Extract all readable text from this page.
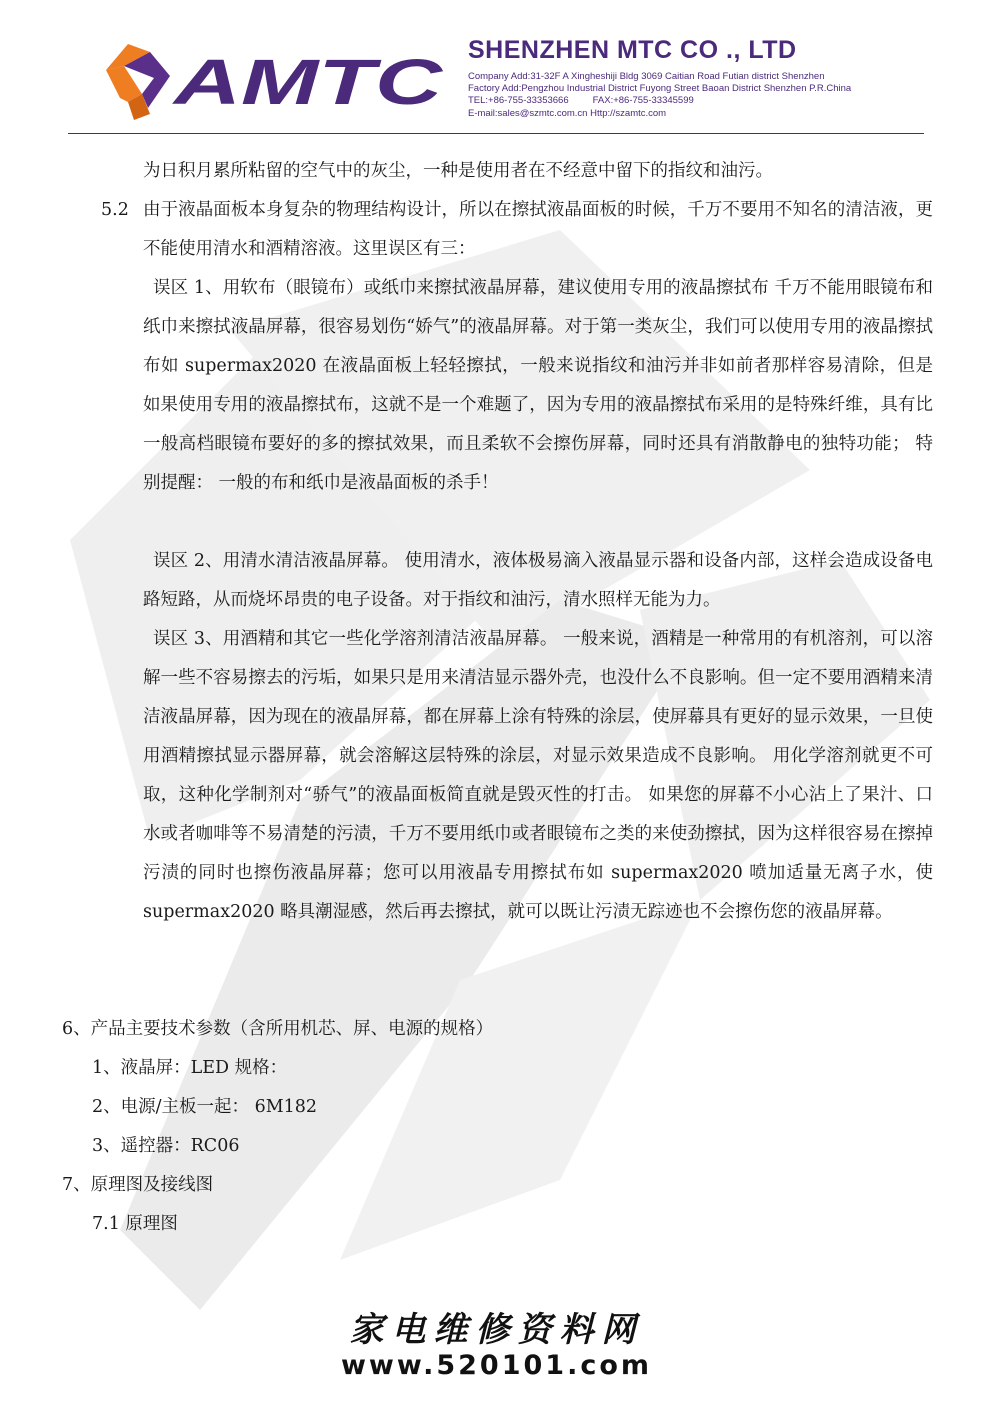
AMTC SHENZHEN MTC CO ., LTD
Company Add:31-32F A Xingheshiji Bldg 3069 Caitian Road Futian district Shenzhen
Factory Add:Pengzhou Industrial District Fuyong Street Baoan District Shenzhen P.R.China
TEL:+86-755-33353666	FAX:+86-755-33345599
E-mail:sales@szmtc.com.cn Http://szamtc.com

为日积月累所粘留的空气中的灰尘，一种是使用者在不经意中留下的指纹和油污。

5.2 由于液晶面板本身复杂的物理结构设计，所以在擦拭液晶面板的时候，千万不要用不知名的清洁液，更不能使用清水和酒精溶液。这里误区有三：

误区 1、用软布（眼镜布）或纸巾来擦拭液晶屏幕，建议使用专用的液晶擦拭布 千万不能用眼镜布和纸巾来擦拭液晶屏幕，很容易划伤“娇气”的液晶屏幕。对于第一类灰尘，我们可以使用专用的液晶擦拭布如 supermax2020 在液晶面板上轻轻擦拭，一般来说指纹和油污并非如前者那样容易清除，但是如果使用专用的液晶擦拭布，这就不是一个难题了，因为专用的液晶擦拭布采用的是特殊纤维，具有比一般高档眼镜布要好的多的擦拭效果，而且柔软不会擦伤屏幕，同时还具有消散静电的独特功能； 特别提醒： 一般的布和纸巾是液晶面板的杀手！

误区 2、用清水清洁液晶屏幕。 使用清水，液体极易滴入液晶显示器和设备内部，这样会造成设备电路短路，从而烧坏昂贵的电子设备。对于指纹和油污，清水照样无能为力。

误区 3、用酒精和其它一些化学溶剂清洁液晶屏幕。 一般来说，酒精是一种常用的有机溶剂，可以溶解一些不容易擦去的污垢，如果只是用来清洁显示器外壳，也没什么不良影响。但一定不要用酒精来清洁液晶屏幕，因为现在的液晶屏幕，都在屏幕上涂有特殊的涂层，使屏幕具有更好的显示效果，一旦使用酒精擦拭显示器屏幕，就会溶解这层特殊的涂层，对显示效果造成不良影响。 用化学溶剂就更不可取，这种化学制剂对“骄气”的液晶面板简直就是毁灭性的打击。 如果您的屏幕不小心沾上了果汁、口水或者咖啡等不易清楚的污渍，千万不要用纸巾或者眼镜布之类的来使劲擦拭，因为这样很容易在擦掉污渍的同时也擦伤液晶屏幕；您可以用液晶专用擦拭布如 supermax2020 喷加适量无离子水，使 supermax2020 略具潮湿感，然后再去擦拭，就可以既让污渍无踪迹也不会擦伤您的液晶屏幕。

6、产品主要技术参数（含所用机芯、屏、电源的规格）
1、液晶屏：LED 规格：
2、电源/主板一起： 6M182
3、遥控器：RC06
7、原理图及接线图
7.1 原理图
家电维修资料网
www.520101.com
